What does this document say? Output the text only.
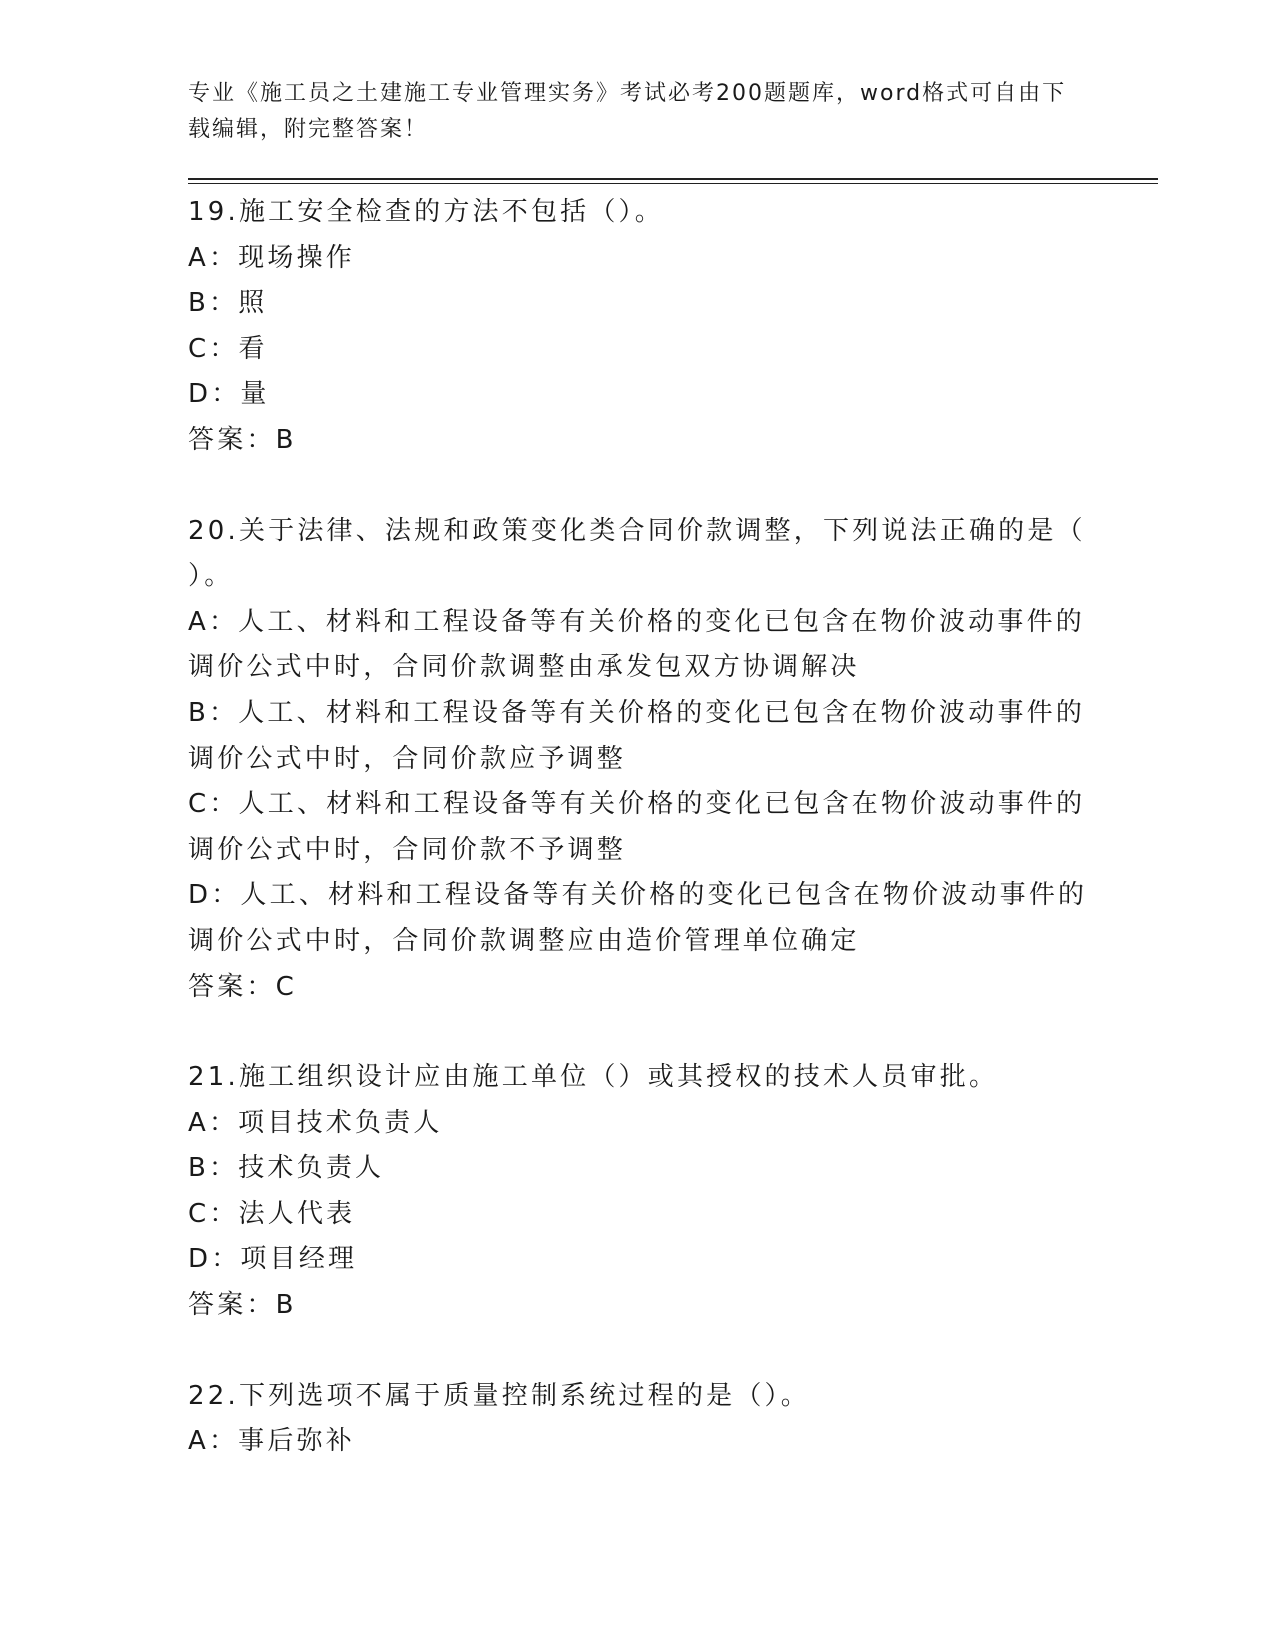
专业《施工员之土建施工专业管理实务》考试必考200题题库，word格式可自由下载编辑，附完整答案！
19.施工安全检查的方法不包括（）。
A：现场操作
B：照
C：看
D：量
答案：B
20.关于法律、法规和政策变化类合同价款调整，下列说法正确的是（
）。
A：人工、材料和工程设备等有关价格的变化已包含在物价波动事件的
调价公式中时，合同价款调整由承发包双方协调解决
B：人工、材料和工程设备等有关价格的变化已包含在物价波动事件的
调价公式中时，合同价款应予调整
C：人工、材料和工程设备等有关价格的变化已包含在物价波动事件的
调价公式中时，合同价款不予调整
D：人工、材料和工程设备等有关价格的变化已包含在物价波动事件的
调价公式中时，合同价款调整应由造价管理单位确定
答案：C
21.施工组织设计应由施工单位（）或其授权的技术人员审批。
A：项目技术负责人
B：技术负责人
C：法人代表
D：项目经理
答案：B
22.下列选项不属于质量控制系统过程的是（）。
A：事后弥补
